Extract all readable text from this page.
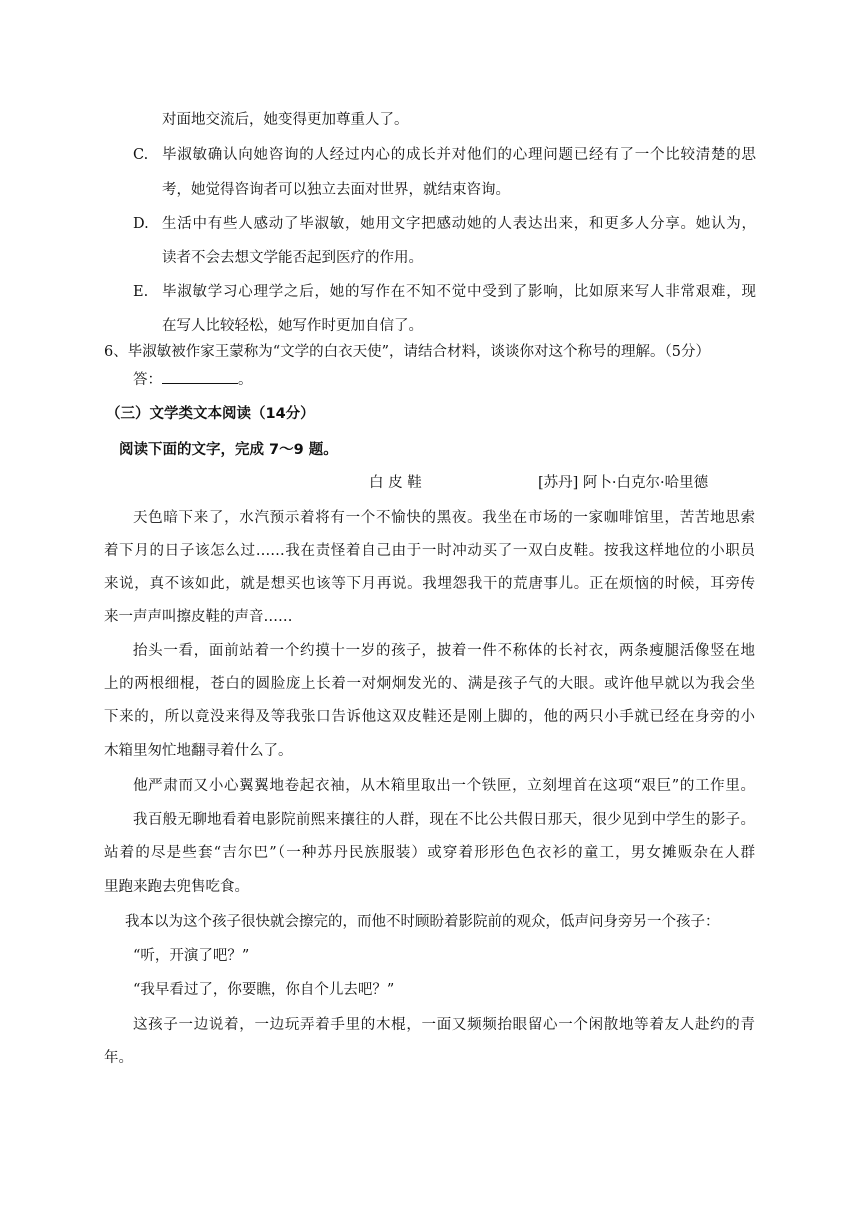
对面地交流后，她变得更加尊重人了。
C. 毕淑敏确认向她咨询的人经过内心的成长并对他们的心理问题已经有了一个比较清楚的思
考，她觉得咨询者可以独立去面对世界，就结束咨询。
D. 生活中有些人感动了毕淑敏，她用文字把感动她的人表达出来，和更多人分享。她认为，
读者不会去想文学能否起到医疗的作用。
E. 毕淑敏学习心理学之后，她的写作在不知不觉中受到了影响，比如原来写人非常艰难，现
在写人比较轻松，她写作时更加自信了。
6、毕淑敏被作家王蒙称为“文学的白衣天使”，请结合材料，谈谈你对这个称号的理解。（5分）
答：	。
（三）文学类文本阅读（14分）
阅读下面的文字，完成 7～9 题。
白 皮 鞋	[苏丹] 阿卜·白克尔·哈里德
天色暗下来了，水汽预示着将有一个不愉快的黑夜。我坐在市场的一家咖啡馆里，苦苦地思索
着下月的日子该怎么过……我在责怪着自己由于一时冲动买了一双白皮鞋。按我这样地位的小职员
来说，真不该如此，就是想买也该等下月再说。我埋怨我干的荒唐事儿。正在烦恼的时候，耳旁传
来一声声叫擦皮鞋的声音……
抬头一看，面前站着一个约摸十一岁的孩子，披着一件不称体的长衬衣，两条瘦腿活像竖在地
上的两根细棍，苍白的圆脸庞上长着一对炯炯发光的、满是孩子气的大眼。或许他早就以为我会坐
下来的，所以竟没来得及等我张口告诉他这双皮鞋还是刚上脚的，他的两只小手就已经在身旁的小
木箱里匆忙地翻寻着什么了。
他严肃而又小心翼翼地卷起衣袖，从木箱里取出一个铁匣，立刻埋首在这项“艰巨”的工作里。
我百般无聊地看着电影院前熙来攘往的人群，现在不比公共假日那天，很少见到中学生的影子。
站着的尽是些套“吉尔巴”（一种苏丹民族服装）或穿着形形色色衣衫的童工，男女摊贩杂在人群
里跑来跑去兜售吃食。
我本以为这个孩子很快就会擦完的，而他不时顾盼着影院前的观众，低声问身旁另一个孩子：
“听，开演了吧？”
“我早看过了，你要瞧，你自个儿去吧？”
这孩子一边说着，一边玩弄着手里的木棍，一面又频频抬眼留心一个闲散地等着友人赴约的青
年。
